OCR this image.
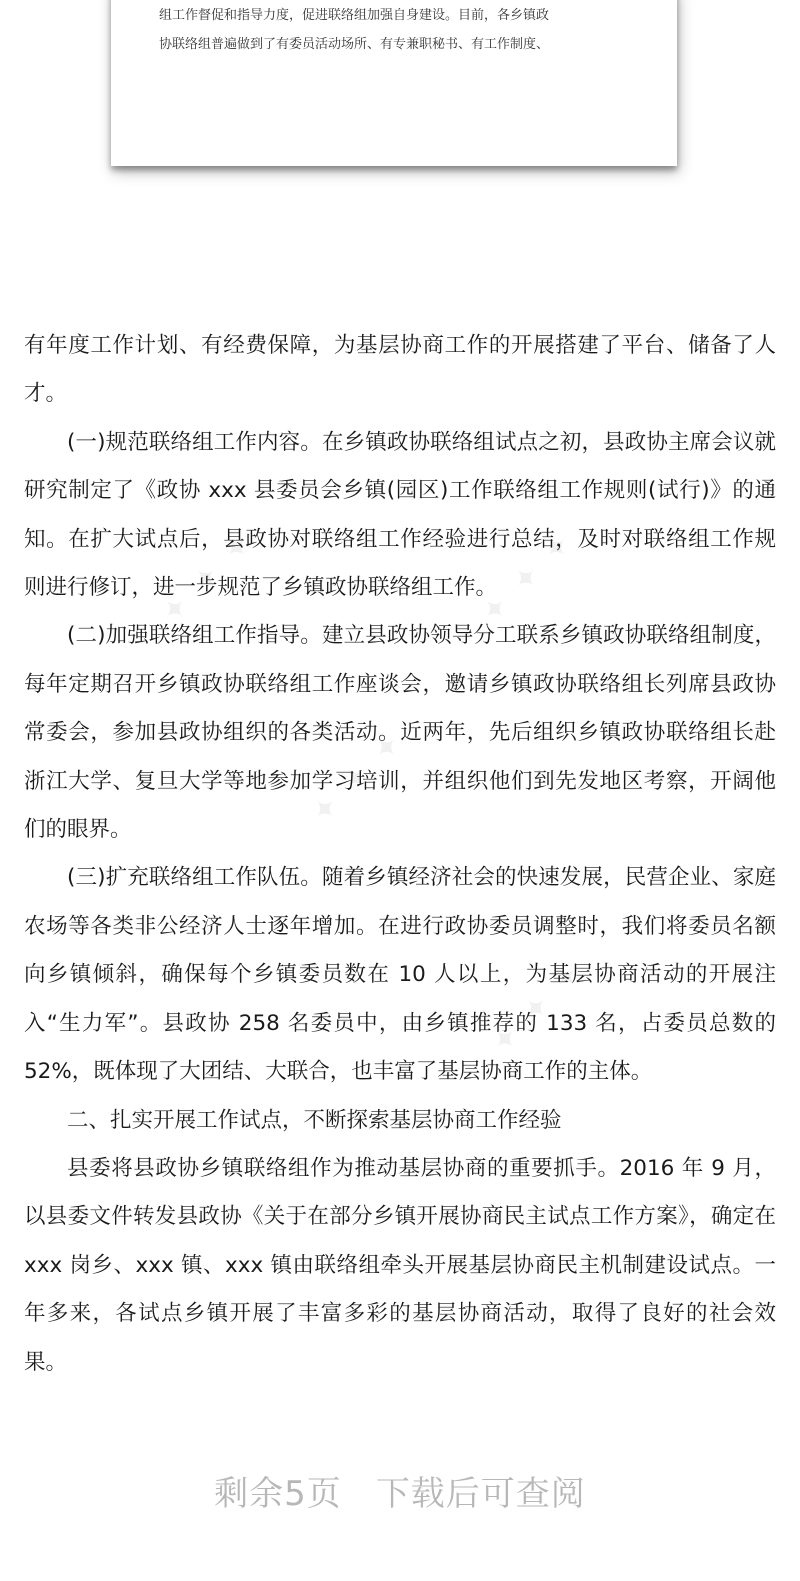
组工作督促和指导力度，促进联络组加强自身建设。目前，各乡镇政
协联络组普遍做到了有委员活动场所、有专兼职秘书、有工作制度、
✦ ✦ ✦	✦ ✦ ✦
✦ ✦ ✦
✦ ✦ ✦

有年度工作计划、有经费保障，为基层协商工作的开展搭建了平台、储备了人才。

(一)规范联络组工作内容。在乡镇政协联络组试点之初，县政协主席会议就研究制定了《政协 xxx 县委员会乡镇(园区)工作联络组工作规则(试行)》的通知。在扩大试点后，县政协对联络组工作经验进行总结，及时对联络组工作规则进行修订，进一步规范了乡镇政协联络组工作。

(二)加强联络组工作指导。建立县政协领导分工联系乡镇政协联络组制度，每年定期召开乡镇政协联络组工作座谈会，邀请乡镇政协联络组长列席县政协常委会，参加县政协组织的各类活动。近两年，先后组织乡镇政协联络组长赴浙江大学、复旦大学等地参加学习培训，并组织他们到先发地区考察，开阔他们的眼界。

(三)扩充联络组工作队伍。随着乡镇经济社会的快速发展，民营企业、家庭农场等各类非公经济人士逐年增加。在进行政协委员调整时，我们将委员名额向乡镇倾斜，确保每个乡镇委员数在 10 人以上，为基层协商活动的开展注入“生力军”。县政协 258 名委员中，由乡镇推荐的 133 名，占委员总数的 52%，既体现了大团结、大联合，也丰富了基层协商工作的主体。

二、扎实开展工作试点，不断探索基层协商工作经验

县委将县政协乡镇联络组作为推动基层协商的重要抓手。2016 年 9 月，以县委文件转发县政协《关于在部分乡镇开展协商民主试点工作方案》，确定在 xxx 岗乡、xxx 镇、xxx 镇由联络组牵头开展基层协商民主机制建设试点。一年多来，各试点乡镇开展了丰富多彩的基层协商活动，取得了良好的社会效果。

剩余5页 下载后可查阅
